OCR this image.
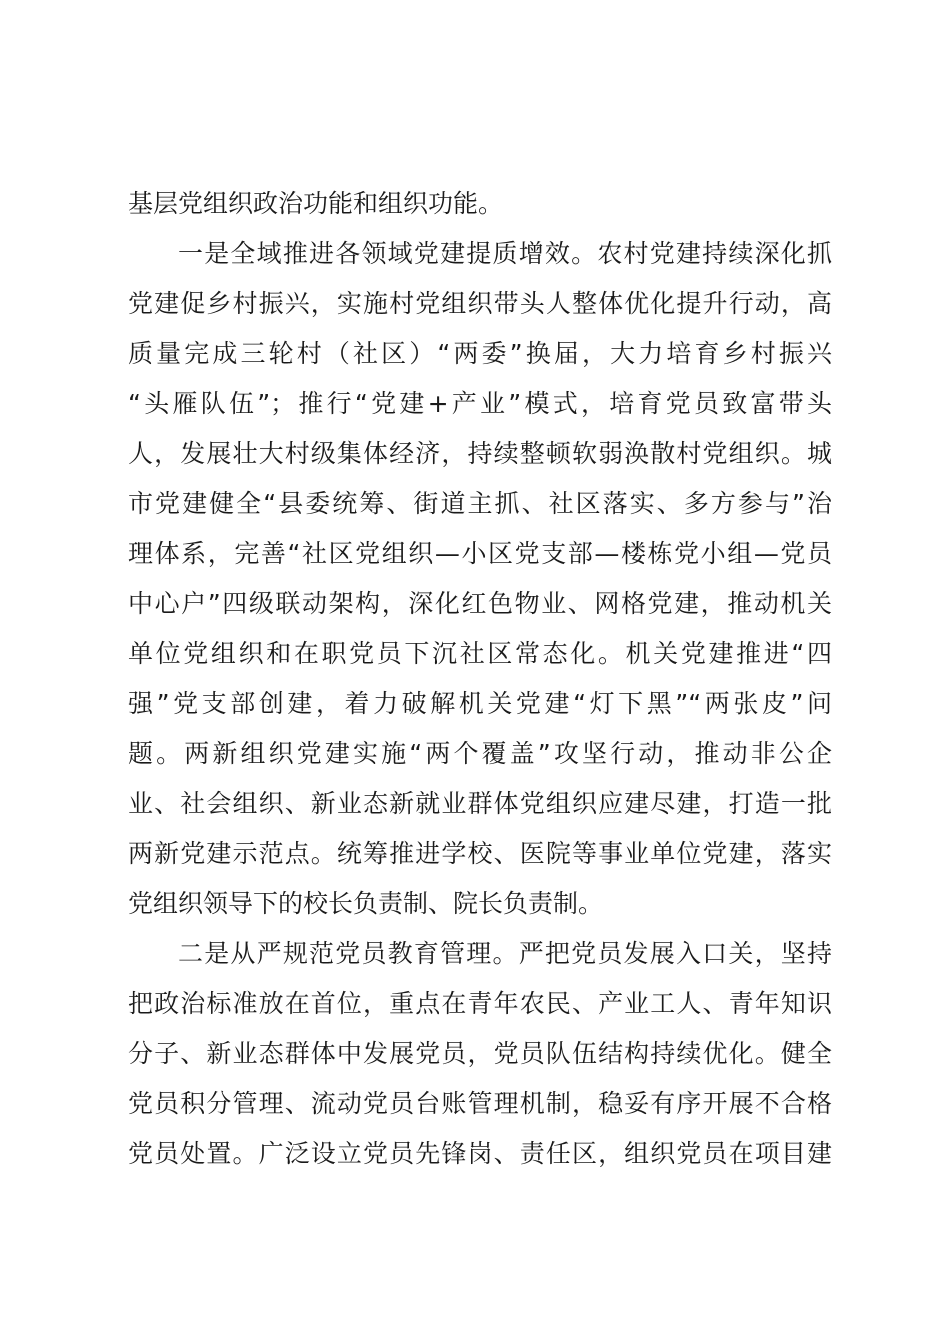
基层党组织政治功能和组织功能。
一是全域推进各领域党建提质增效。农村党建持续深化抓
党建促乡村振兴，实施村党组织带头人整体优化提升行动，高
质量完成三轮村（社区）“两委”换届，大力培育乡村振兴
“头雁队伍”；推行“党建+产业”模式，培育党员致富带头
人，发展壮大村级集体经济，持续整顿软弱涣散村党组织。城
市党建健全“县委统筹、街道主抓、社区落实、多方参与”治
理体系，完善“社区党组织—小区党支部—楼栋党小组—党员
中心户”四级联动架构，深化红色物业、网格党建，推动机关
单位党组织和在职党员下沉社区常态化。机关党建推进“四
强”党支部创建，着力破解机关党建“灯下黑”“两张皮”问
题。两新组织党建实施“两个覆盖”攻坚行动，推动非公企
业、社会组织、新业态新就业群体党组织应建尽建，打造一批
两新党建示范点。统筹推进学校、医院等事业单位党建，落实
党组织领导下的校长负责制、院长负责制。
二是从严规范党员教育管理。严把党员发展入口关，坚持
把政治标准放在首位，重点在青年农民、产业工人、青年知识
分子、新业态群体中发展党员，党员队伍结构持续优化。健全
党员积分管理、流动党员台账管理机制，稳妥有序开展不合格
党员处置。广泛设立党员先锋岗、责任区，组织党员在项目建
